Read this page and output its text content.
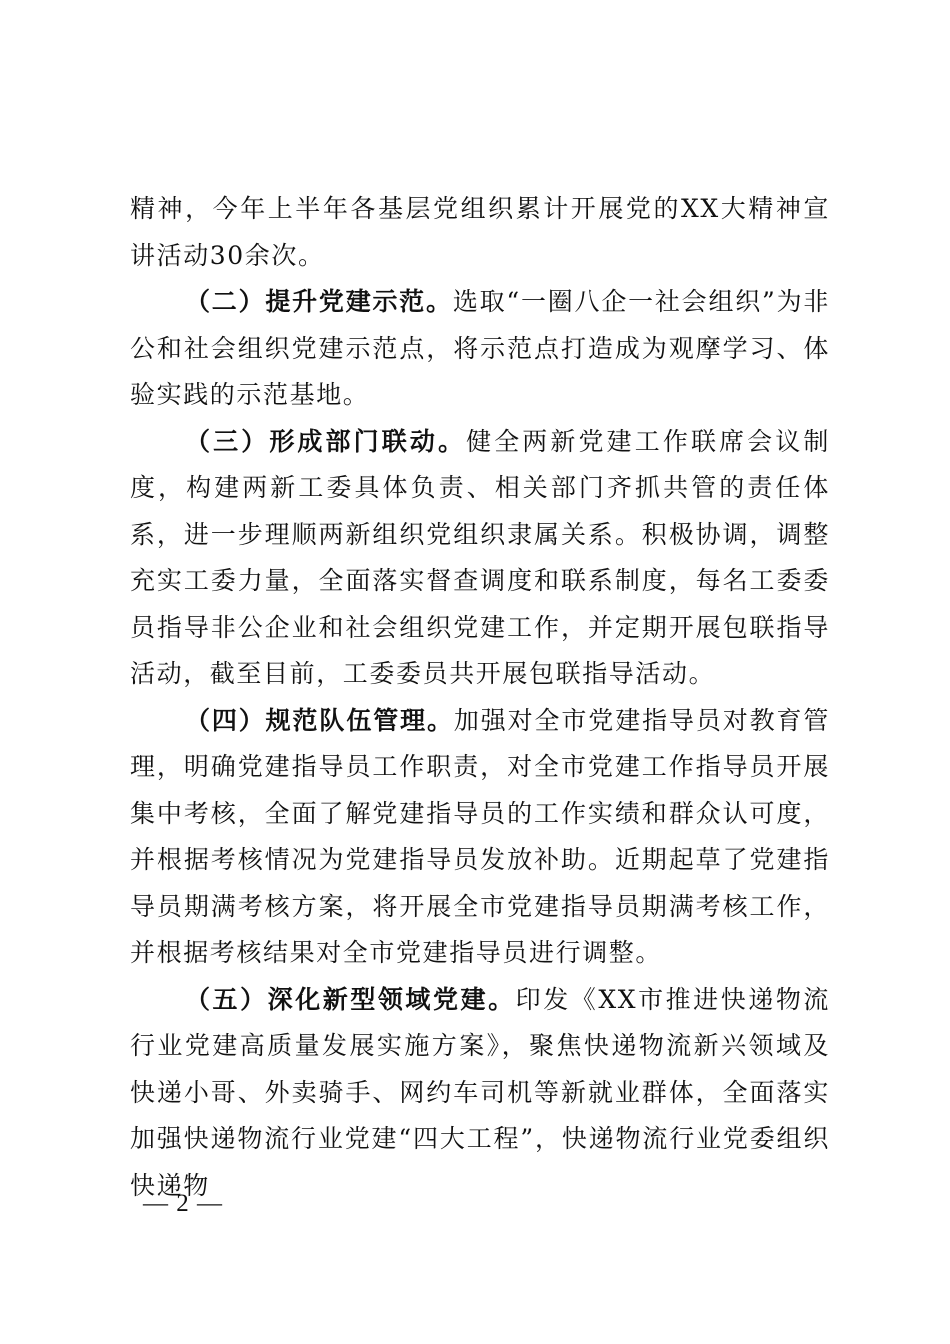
精神，今年上半年各基层党组织累计开展党的XX大精神宣讲活动30余次。

（二）提升党建示范。选取“一圈八企一社会组织”为非公和社会组织党建示范点，将示范点打造成为观摩学习、体验实践的示范基地。

（三）形成部门联动。健全两新党建工作联席会议制度，构建两新工委具体负责、相关部门齐抓共管的责任体系，进一步理顺两新组织党组织隶属关系。积极协调，调整充实工委力量，全面落实督查调度和联系制度，每名工委委员指导非公企业和社会组织党建工作，并定期开展包联指导活动，截至目前，工委委员共开展包联指导活动。

（四）规范队伍管理。加强对全市党建指导员对教育管理，明确党建指导员工作职责，对全市党建工作指导员开展集中考核，全面了解党建指导员的工作实绩和群众认可度，并根据考核情况为党建指导员发放补助。近期起草了党建指导员期满考核方案，将开展全市党建指导员期满考核工作，并根据考核结果对全市党建指导员进行调整。

（五）深化新型领域党建。印发《XX市推进快递物流行业党建高质量发展实施方案》，聚焦快递物流新兴领域及快递小哥、外卖骑手、网约车司机等新就业群体，全面落实加强快递物流行业党建“四大工程”，快递物流行业党委组织快递物

— 2 —
